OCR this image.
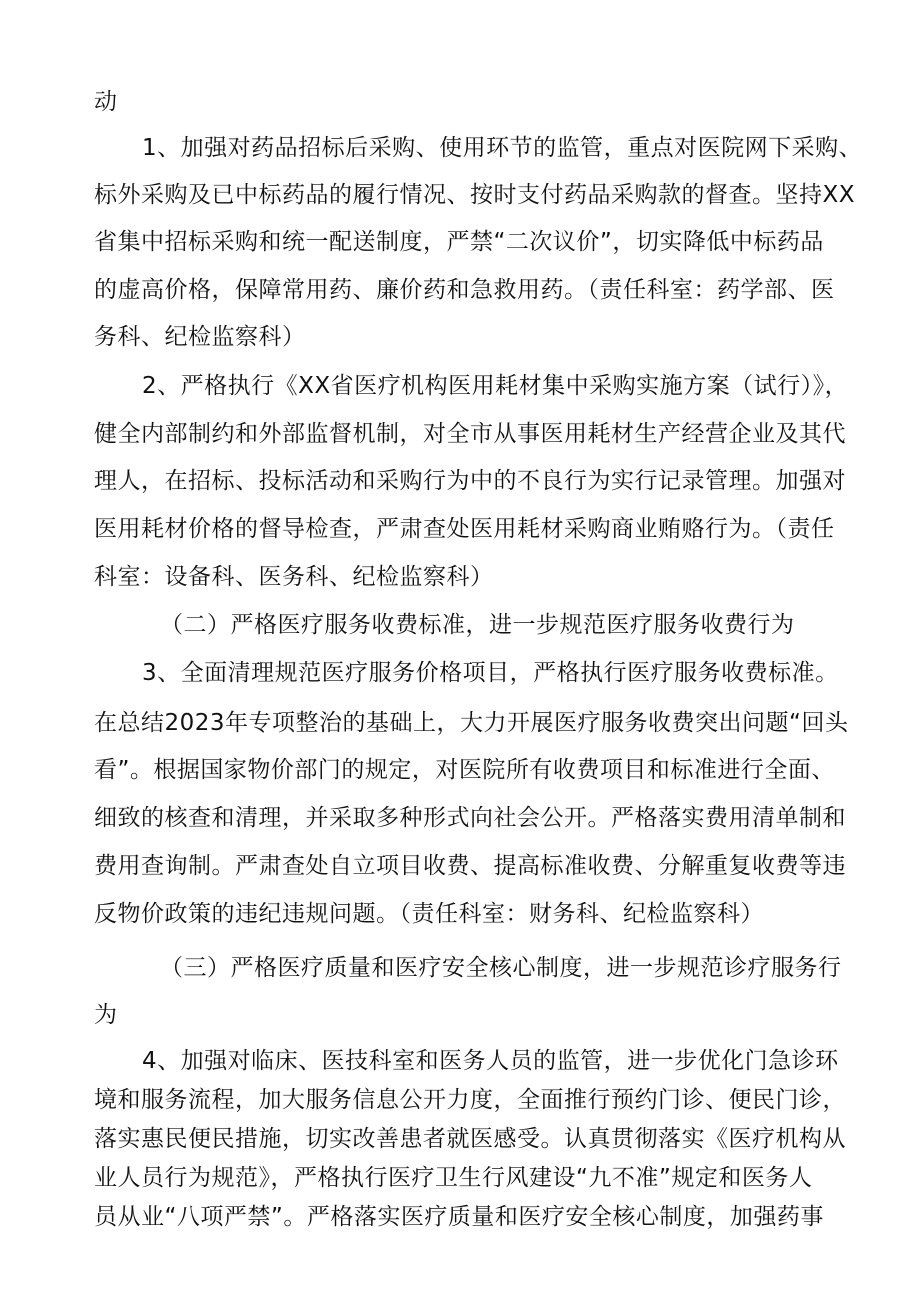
动
1、加强对药品招标后采购、使用环节的监管，重点对医院网下采购、
标外采购及已中标药品的履行情况、按时支付药品采购款的督查。坚持XX
省集中招标采购和统一配送制度，严禁“二次议价”，切实降低中标药品
的虚高价格，保障常用药、廉价药和急救用药。（责任科室：药学部、医
务科、纪检监察科）
2、严格执行《XX省医疗机构医用耗材集中采购实施方案（试行）》，
健全内部制约和外部监督机制，对全市从事医用耗材生产经营企业及其代
理人，在招标、投标活动和采购行为中的不良行为实行记录管理。加强对
医用耗材价格的督导检查，严肃查处医用耗材采购商业贿赂行为。（责任
科室：设备科、医务科、纪检监察科）
（二）严格医疗服务收费标准，进一步规范医疗服务收费行为
3、全面清理规范医疗服务价格项目，严格执行医疗服务收费标准。
在总结2023年专项整治的基础上，大力开展医疗服务收费突出问题“回头
看”。根据国家物价部门的规定，对医院所有收费项目和标准进行全面、
细致的核查和清理，并采取多种形式向社会公开。严格落实费用清单制和
费用查询制。严肃查处自立项目收费、提高标准收费、分解重复收费等违
反物价政策的违纪违规问题。（责任科室：财务科、纪检监察科）
（三）严格医疗质量和医疗安全核心制度，进一步规范诊疗服务行
为
4、加强对临床、医技科室和医务人员的监管，进一步优化门急诊环
境和服务流程，加大服务信息公开力度，全面推行预约门诊、便民门诊，
落实惠民便民措施，切实改善患者就医感受。认真贯彻落实《医疗机构从
业人员行为规范》，严格执行医疗卫生行风建设“九不准”规定和医务人
员从业“八项严禁”。严格落实医疗质量和医疗安全核心制度，加强药事
